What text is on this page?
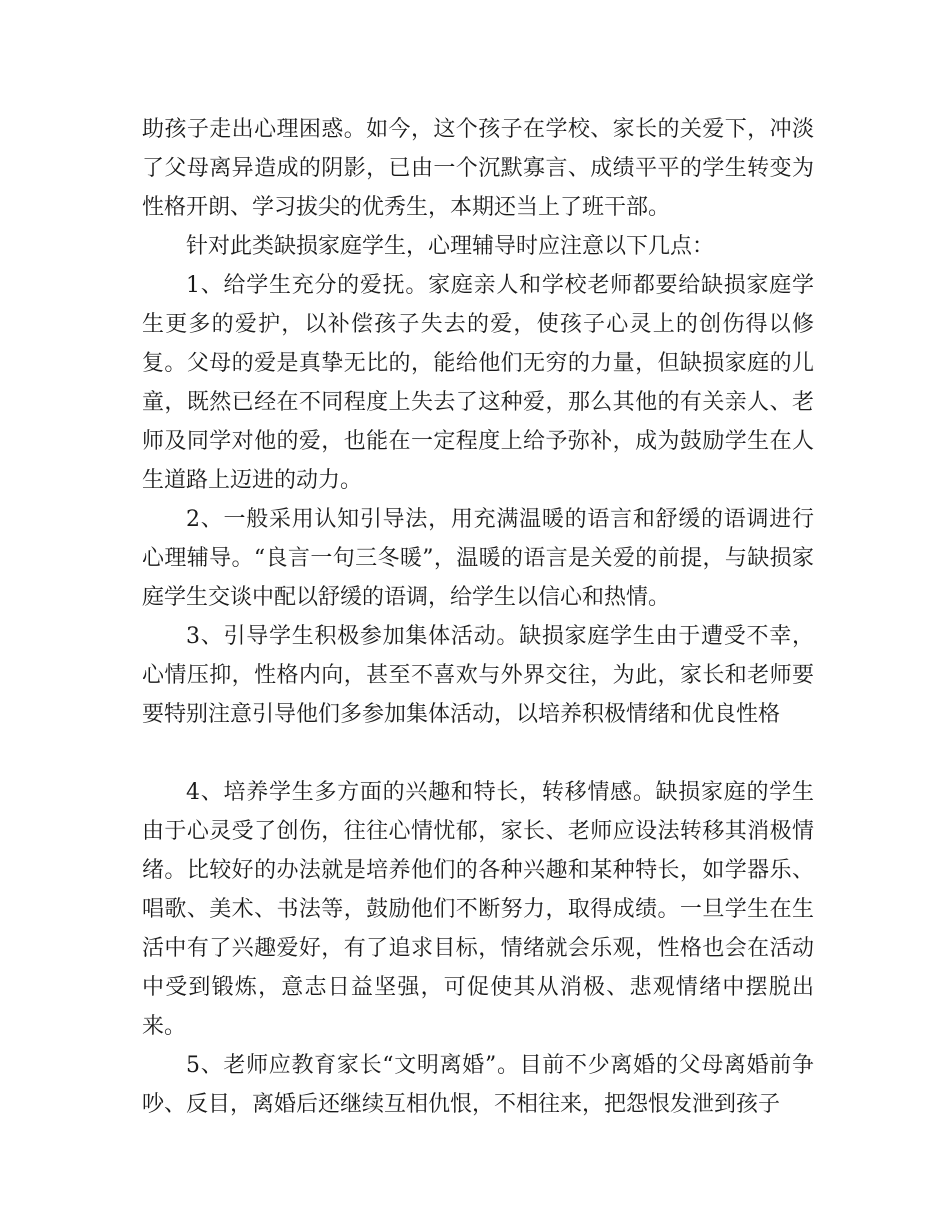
助孩子走出心理困惑。如今，这个孩子在学校、家长的关爱下，冲淡了父母离异造成的阴影，已由一个沉默寡言、成绩平平的学生转变为性格开朗、学习拔尖的优秀生，本期还当上了班干部。

针对此类缺损家庭学生，心理辅导时应注意以下几点：

1、给学生充分的爱抚。家庭亲人和学校老师都要给缺损家庭学生更多的爱护，以补偿孩子失去的爱，使孩子心灵上的创伤得以修复。父母的爱是真挚无比的，能给他们无穷的力量，但缺损家庭的儿童，既然已经在不同程度上失去了这种爱，那么其他的有关亲人、老师及同学对他的爱，也能在一定程度上给予弥补，成为鼓励学生在人生道路上迈进的动力。

2、一般采用认知引导法，用充满温暖的语言和舒缓的语调进行心理辅导。“良言一句三冬暖”，温暖的语言是关爱的前提，与缺损家庭学生交谈中配以舒缓的语调，给学生以信心和热情。

3、引导学生积极参加集体活动。缺损家庭学生由于遭受不幸，心情压抑，性格内向，甚至不喜欢与外界交往，为此，家长和老师要要特别注意引导他们多参加集体活动，以培养积极情绪和优良性格

4、培养学生多方面的兴趣和特长，转移情感。缺损家庭的学生由于心灵受了创伤，往往心情忧郁，家长、老师应设法转移其消极情绪。比较好的办法就是培养他们的各种兴趣和某种特长，如学器乐、唱歌、美术、书法等，鼓励他们不断努力，取得成绩。一旦学生在生活中有了兴趣爱好，有了追求目标，情绪就会乐观，性格也会在活动中受到锻炼，意志日益坚强，可促使其从消极、悲观情绪中摆脱出来。

5、老师应教育家长“文明离婚”。目前不少离婚的父母离婚前争吵、反目，离婚后还继续互相仇恨，不相往来，把怨恨发泄到孩子
